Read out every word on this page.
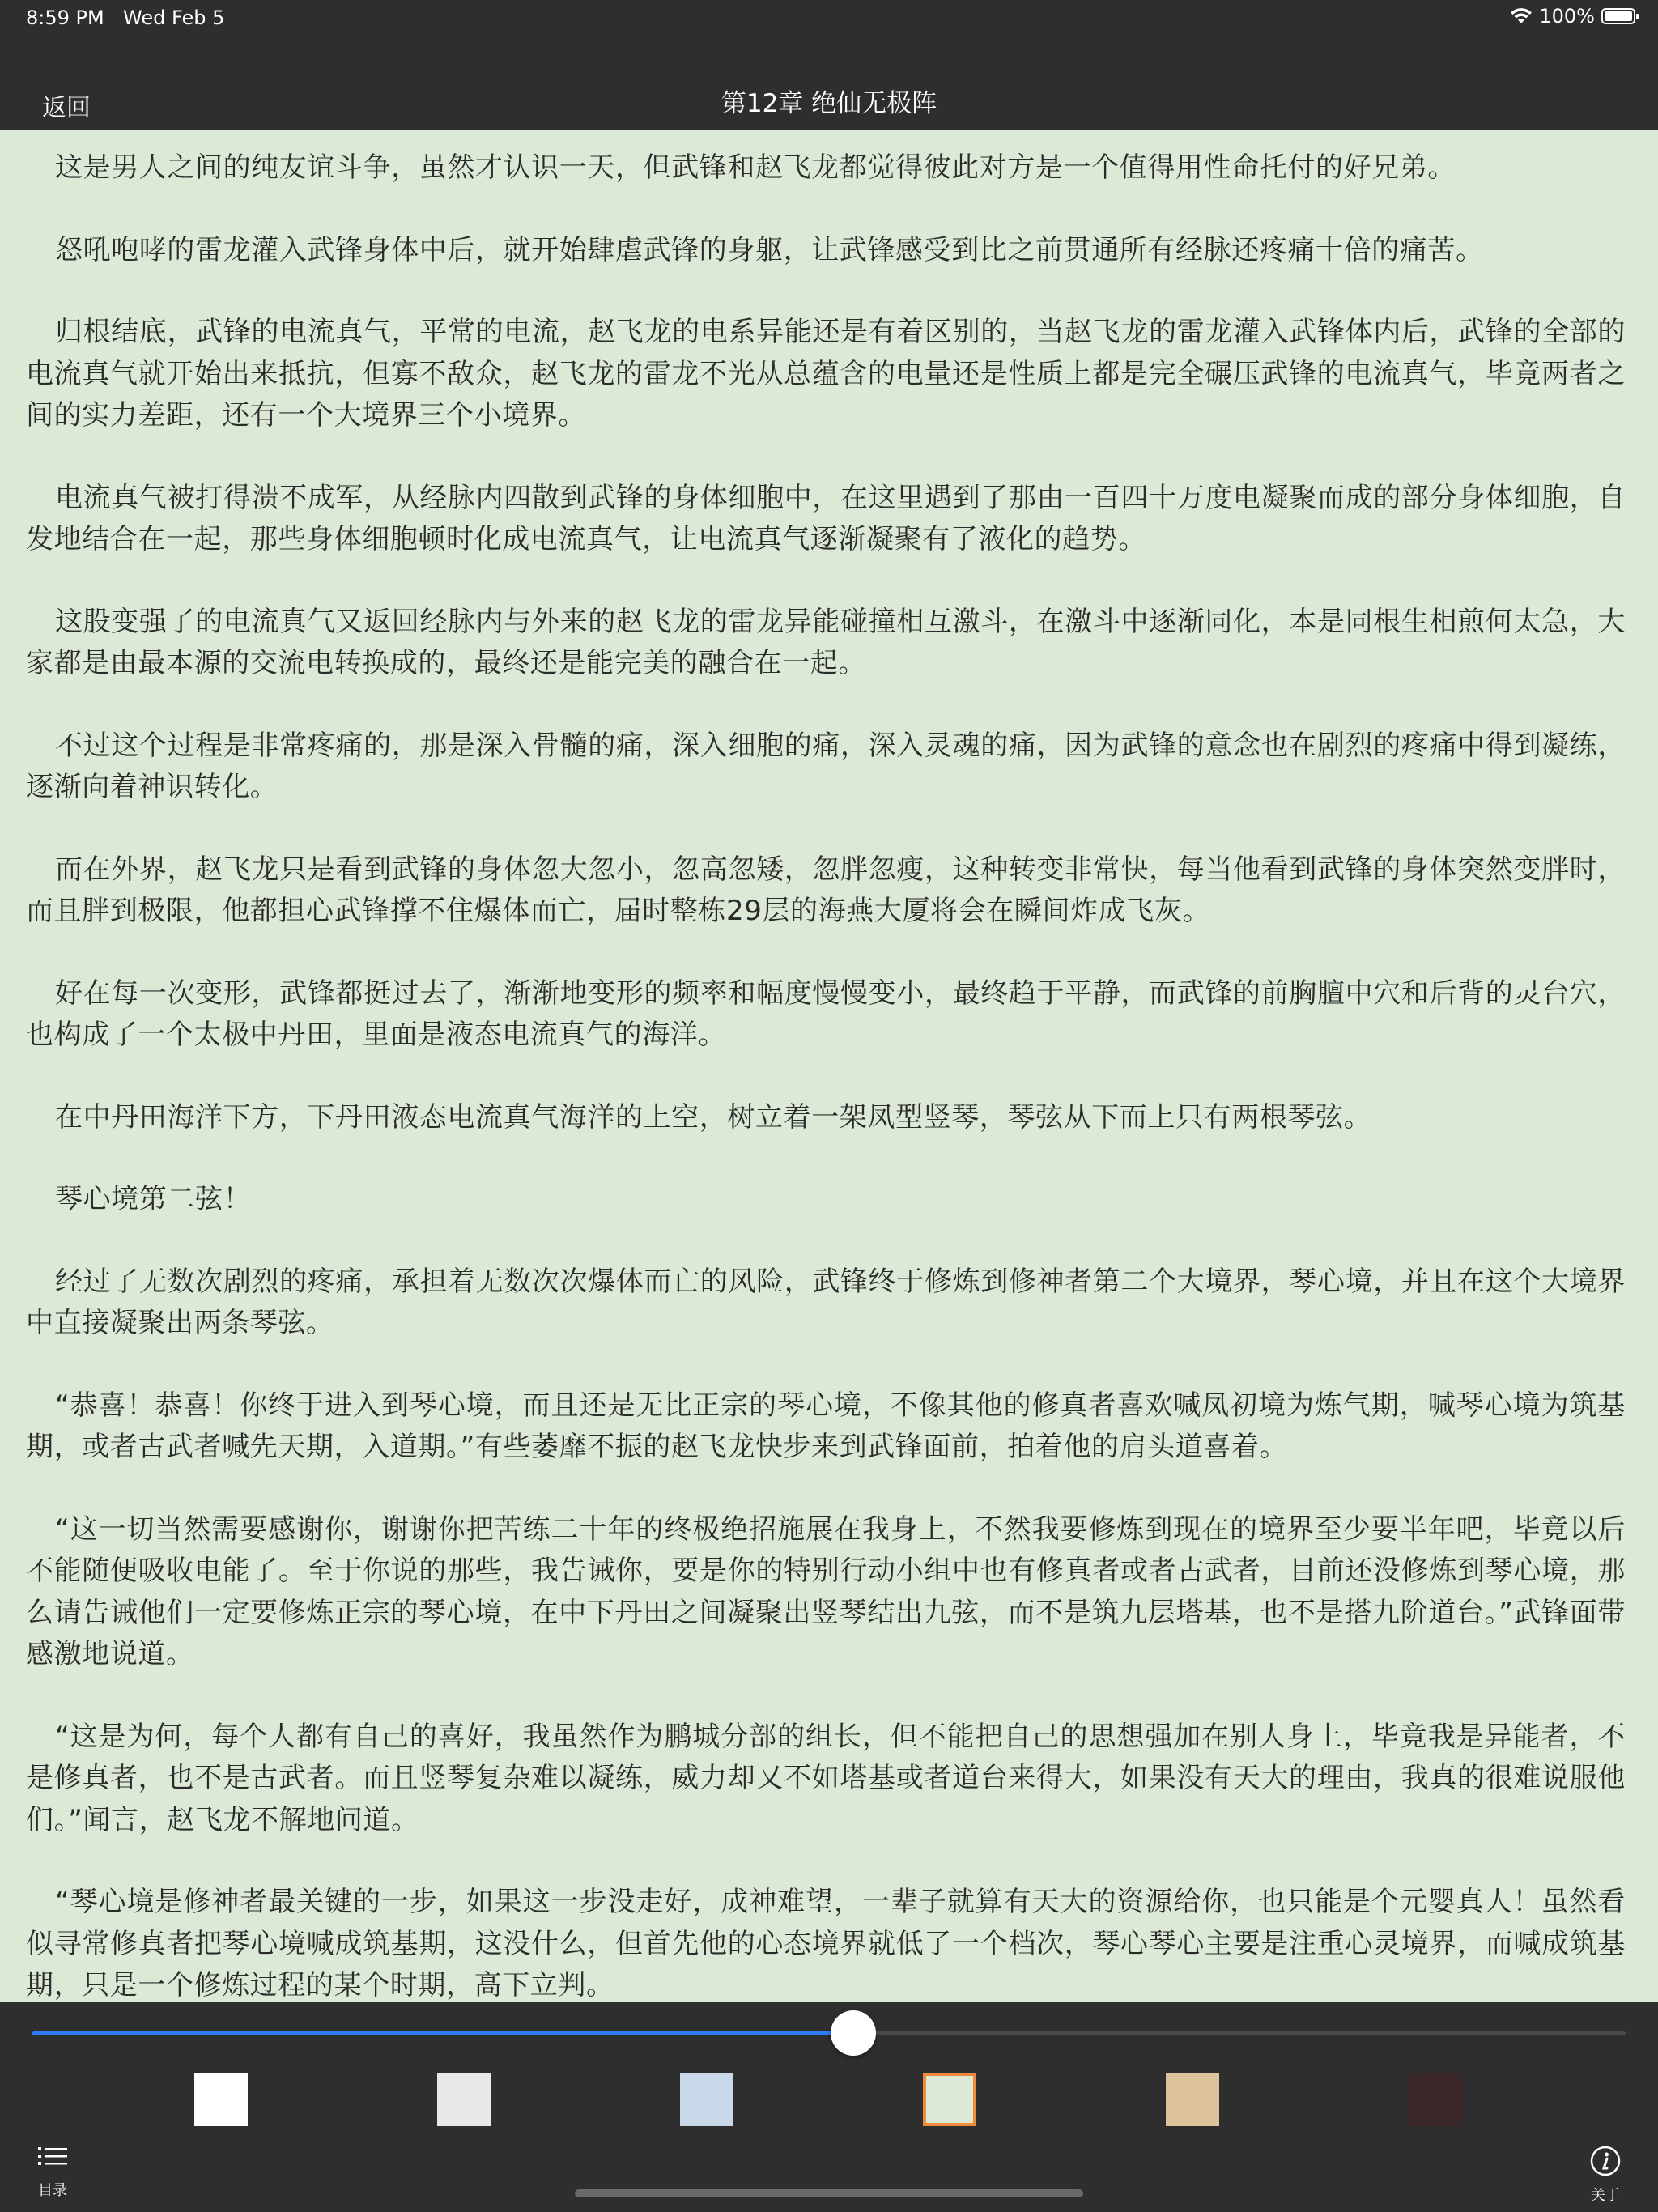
8:59 PM Wed Feb 5	100%
返回	第12章 绝仙无极阵

这是男人之间的纯友谊斗争，虽然才认识一天，但武锋和赵飞龙都觉得彼此对方是一个值得用性命托付的好兄弟。

怒吼咆哮的雷龙灌入武锋身体中后，就开始肆虐武锋的身躯，让武锋感受到比之前贯通所有经脉还疼痛十倍的痛苦。

归根结底，武锋的电流真气，平常的电流，赵飞龙的电系异能还是有着区别的，当赵飞龙的雷龙灌入武锋体内后，武锋的全部的电流真气就开始出来抵抗，但寡不敌众，赵飞龙的雷龙不光从总蕴含的电量还是性质上都是完全碾压武锋的电流真气，毕竟两者之间的实力差距，还有一个大境界三个小境界。

电流真气被打得溃不成军，从经脉内四散到武锋的身体细胞中，在这里遇到了那由一百四十万度电凝聚而成的部分身体细胞，自发地结合在一起，那些身体细胞顿时化成电流真气，让电流真气逐渐凝聚有了液化的趋势。

这股变强了的电流真气又返回经脉内与外来的赵飞龙的雷龙异能碰撞相互激斗，在激斗中逐渐同化，本是同根生相煎何太急，大家都是由最本源的交流电转换成的，最终还是能完美的融合在一起。

不过这个过程是非常疼痛的，那是深入骨髓的痛，深入细胞的痛，深入灵魂的痛，因为武锋的意念也在剧烈的疼痛中得到凝练，逐渐向着神识转化。

而在外界，赵飞龙只是看到武锋的身体忽大忽小，忽高忽矮，忽胖忽瘦，这种转变非常快，每当他看到武锋的身体突然变胖时，而且胖到极限，他都担心武锋撑不住爆体而亡，届时整栋29层的海燕大厦将会在瞬间炸成飞灰。

好在每一次变形，武锋都挺过去了，渐渐地变形的频率和幅度慢慢变小，最终趋于平静，而武锋的前胸膻中穴和后背的灵台穴，也构成了一个太极中丹田，里面是液态电流真气的海洋。

在中丹田海洋下方，下丹田液态电流真气海洋的上空，树立着一架凤型竖琴，琴弦从下而上只有两根琴弦。

琴心境第二弦！

经过了无数次剧烈的疼痛，承担着无数次次爆体而亡的风险，武锋终于修炼到修神者第二个大境界，琴心境，并且在这个大境界中直接凝聚出两条琴弦。

“恭喜！恭喜！你终于进入到琴心境，而且还是无比正宗的琴心境，不像其他的修真者喜欢喊凤初境为炼气期，喊琴心境为筑基期，或者古武者喊先天期，入道期。”有些萎靡不振的赵飞龙快步来到武锋面前，拍着他的肩头道喜着。

“这一切当然需要感谢你，谢谢你把苦练二十年的终极绝招施展在我身上，不然我要修炼到现在的境界至少要半年吧，毕竟以后不能随便吸收电能了。至于你说的那些，我告诫你，要是你的特别行动小组中也有修真者或者古武者，目前还没修炼到琴心境，那么请告诫他们一定要修炼正宗的琴心境，在中下丹田之间凝聚出竖琴结出九弦，而不是筑九层塔基，也不是搭九阶道台。”武锋面带感激地说道。

“这是为何，每个人都有自己的喜好，我虽然作为鹏城分部的组长，但不能把自己的思想强加在别人身上，毕竟我是异能者，不是修真者，也不是古武者。而且竖琴复杂难以凝练，威力却又不如塔基或者道台来得大，如果没有天大的理由，我真的很难说服他们。”闻言，赵飞龙不解地问道。

“琴心境是修神者最关键的一步，如果这一步没走好，成神难望，一辈子就算有天大的资源给你，也只能是个元婴真人！虽然看似寻常修真者把琴心境喊成筑基期，这没什么，但首先他的心态境界就低了一个档次，琴心琴心主要是注重心灵境界，而喊成筑基期，只是一个修炼过程的某个时期，高下立判。

目录	关于
